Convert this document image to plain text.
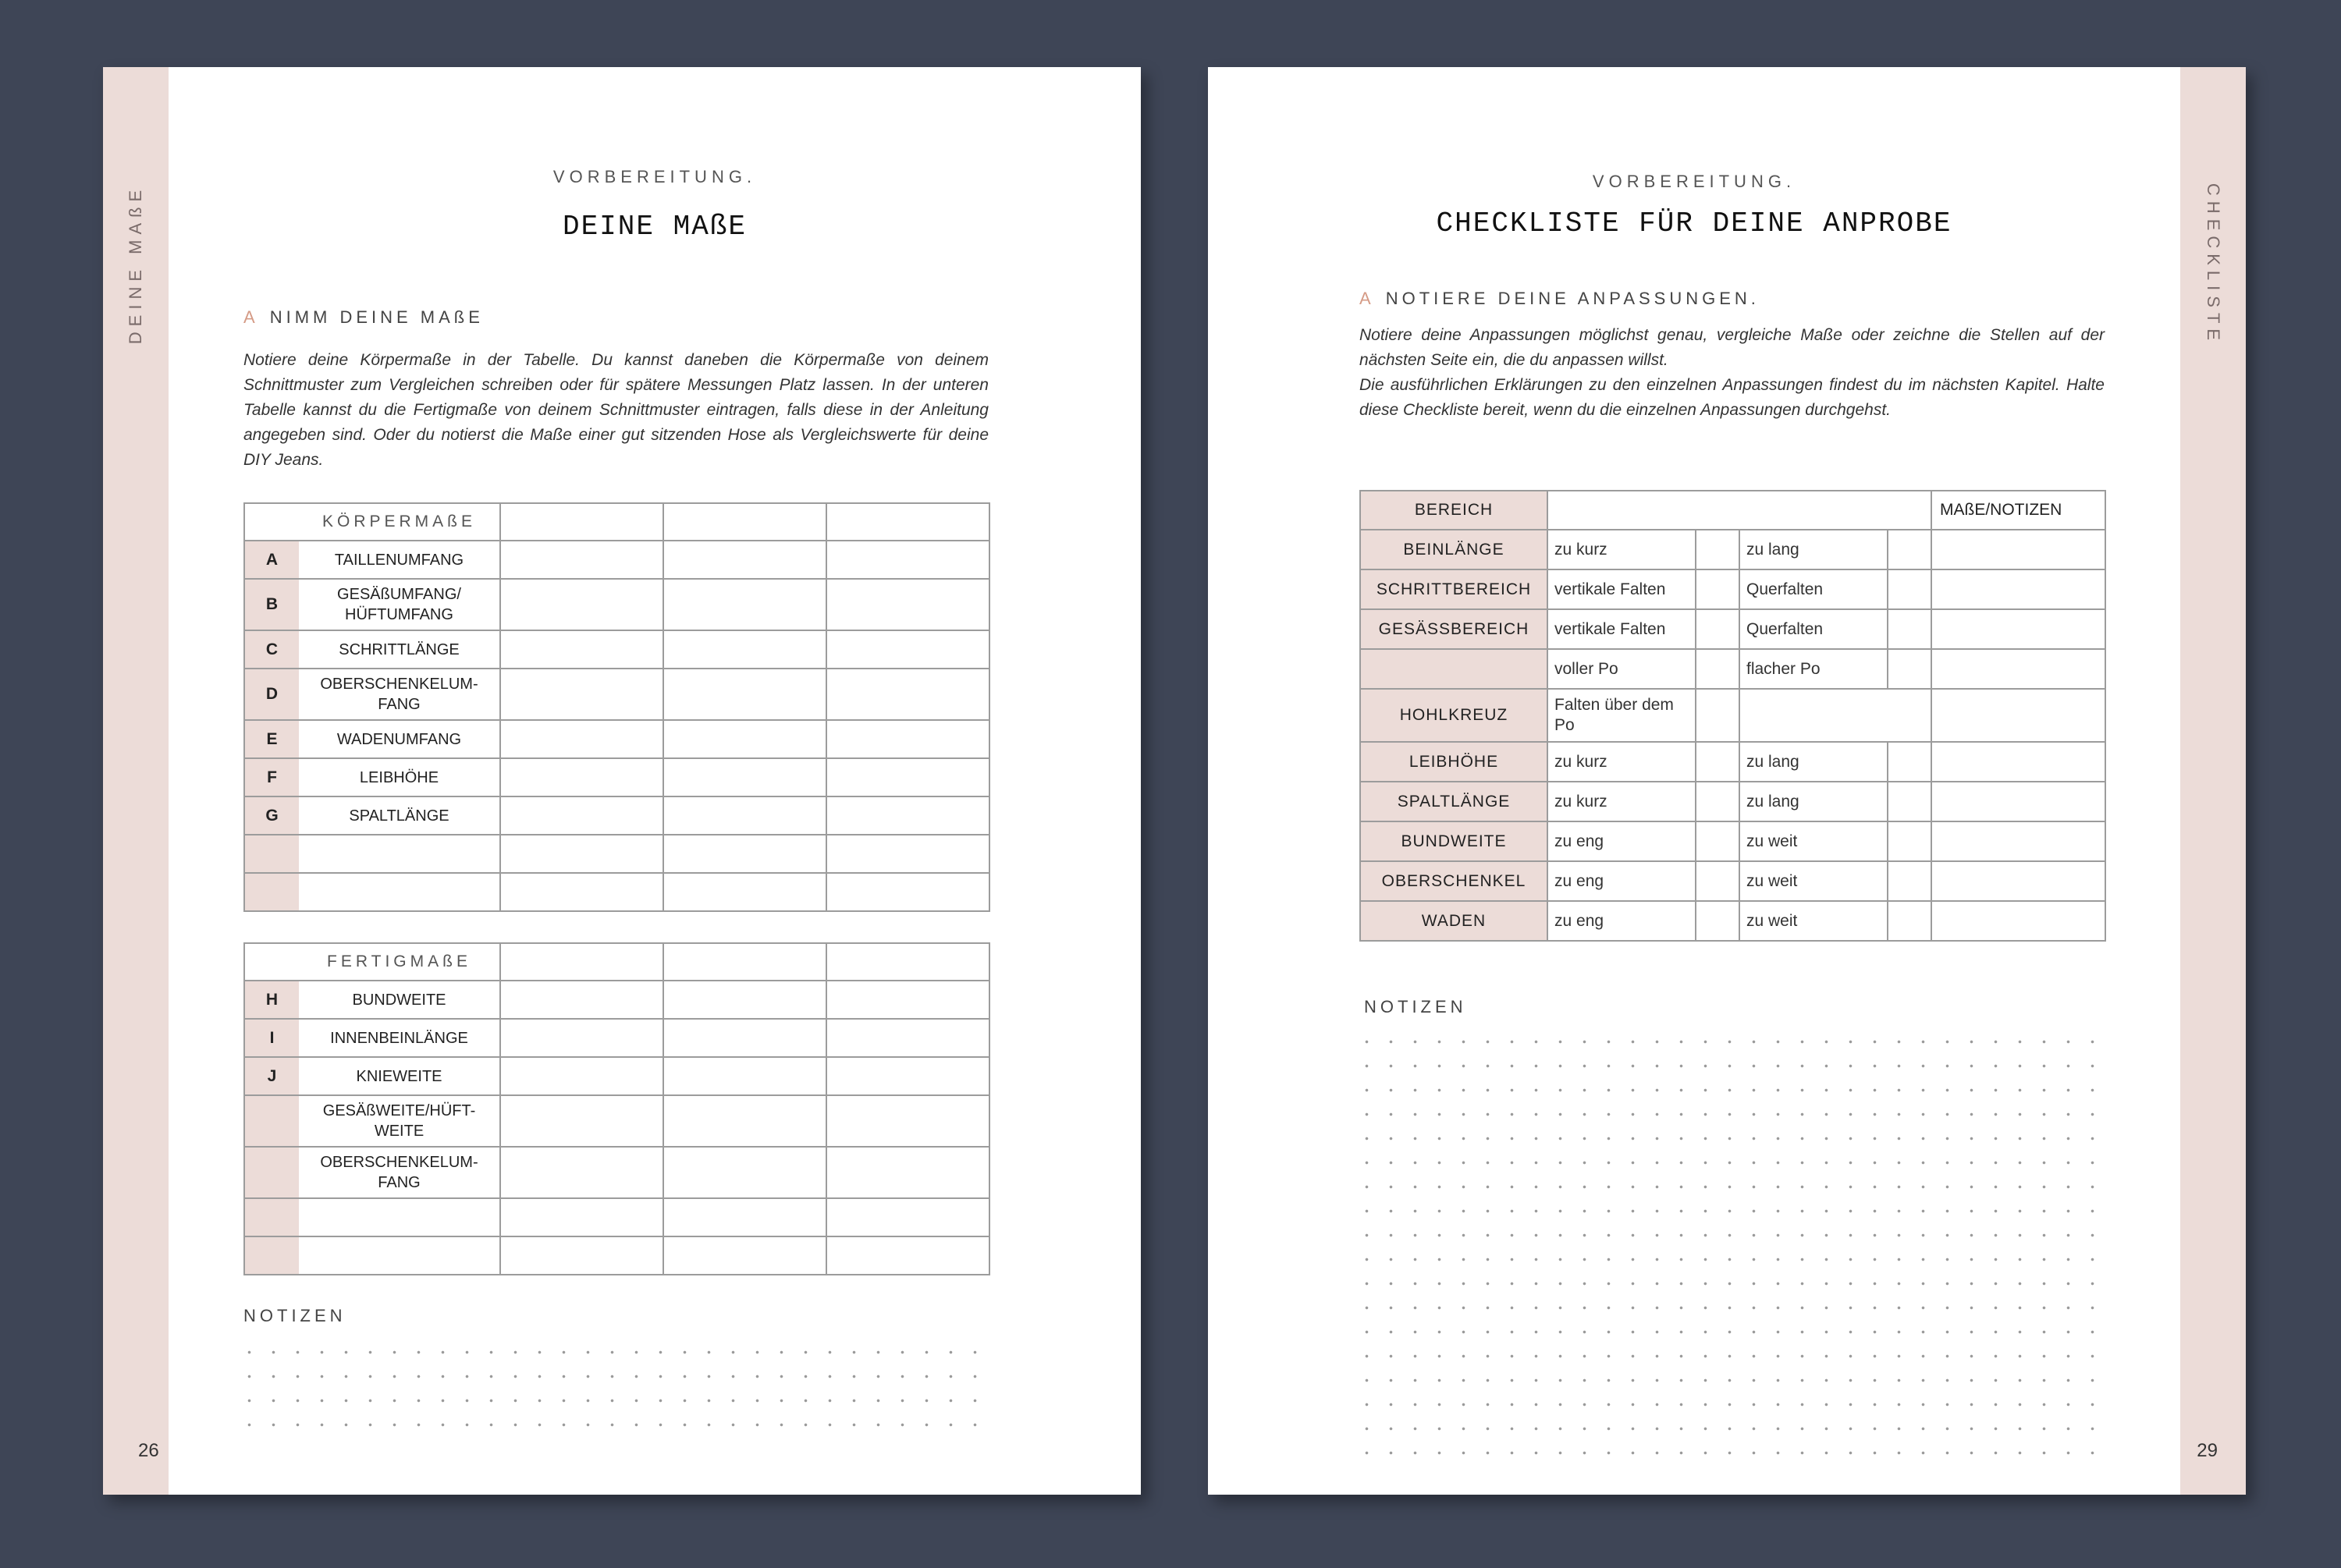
DEINE MAßE
VORBEREITUNG.
DEINE MAßE
A NIMM DEINE MAßE
Notiere deine Körpermaße in der Tabelle. Du kannst daneben die Körpermaße von deinem Schnittmuster zum Vergleichen schreiben oder für spätere Messungen Platz lassen. In der unteren Tabelle kannst du die Fertigmaße von deinem Schnittmuster eintragen, falls diese in der Anleitung angegeben sind. Oder du notierst die Maße einer gut sitzenden Hose als Vergleichswerte für deine DIY Jeans.
	KÖRPERMAßE			
A	TAILLENUMFANG			
B	GESÄßUMFANG/ HÜFTUMFANG			
C	SCHRITTLÄNGE			
D	OBERSCHENKELUM- FANG			
E	WADENUMFANG			
F	LEIBHÖHE			
G	SPALTLÄNGE			

	FERTIGMAßE			
H	BUNDWEITE			
I	INNENBEINLÄNGE			
J	KNIEWEITE			
	GESÄßWEITE/HÜFT- WEITE			
	OBERSCHENKELUM- FANG			

NOTIZEN
26
CHECKLISTE
VORBEREITUNG.
CHECKLISTE FÜR DEINE ANPROBE
A NOTIERE DEINE ANPASSUNGEN.

Notiere deine Anpassungen möglichst genau, vergleiche Maße oder zeichne die Stellen auf der nächsten Seite ein, die du anpassen willst.

Die ausführlichen Erklärungen zu den einzelnen Anpassungen findest du im nächsten Kapitel. Halte diese Checkliste bereit, wenn du die einzelnen Anpassungen durchgehst.

BEREICH					MAßE/NOTIZEN
BEINLÄNGE	zu kurz		zu lang		
SCHRITTBEREICH	vertikale Falten		Querfalten		
GESÄSSBEREICH	vertikale Falten		Querfalten		
	voller Po		flacher Po		
HOHLKREUZ	Falten über dem Po				
LEIBHÖHE	zu kurz		zu lang		
SPALTLÄNGE	zu kurz		zu lang		
BUNDWEITE	zu eng		zu weit		
OBERSCHENKEL	zu eng		zu weit		
WADEN	zu eng		zu weit		
NOTIZEN
29
